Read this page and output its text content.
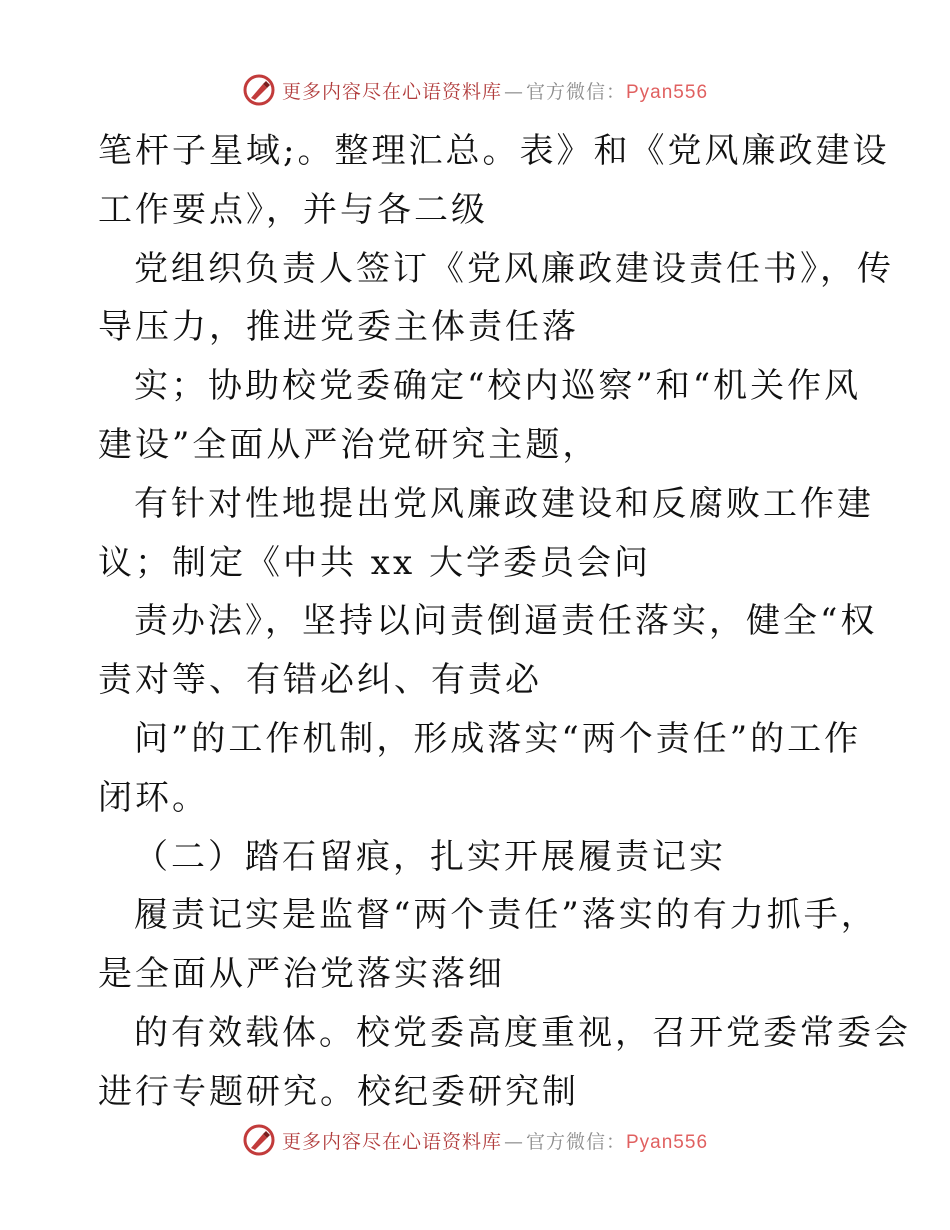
更多内容尽在心语资料库 — 官方微信：Pyan556
笔杆子星域;。整理汇总。表》和《党风廉政建设
工作要点》，并与各二级
党组织负责人签订《党风廉政建设责任书》，传
导压力，推进党委主体责任落
实；协助校党委确定“校内巡察”和“机关作风
建设”全面从严治党研究主题，
有针对性地提出党风廉政建设和反腐败工作建
议；制定《中共 xx 大学委员会问
责办法》，坚持以问责倒逼责任落实，健全“权
责对等、有错必纠、有责必
问”的工作机制，形成落实“两个责任”的工作
闭环。
（二）踏石留痕，扎实开展履责记实
履责记实是监督“两个责任”落实的有力抓手，
是全面从严治党落实落细
的有效载体。校党委高度重视，召开党委常委会
进行专题研究。校纪委研究制
更多内容尽在心语资料库 — 官方微信：Pyan556
